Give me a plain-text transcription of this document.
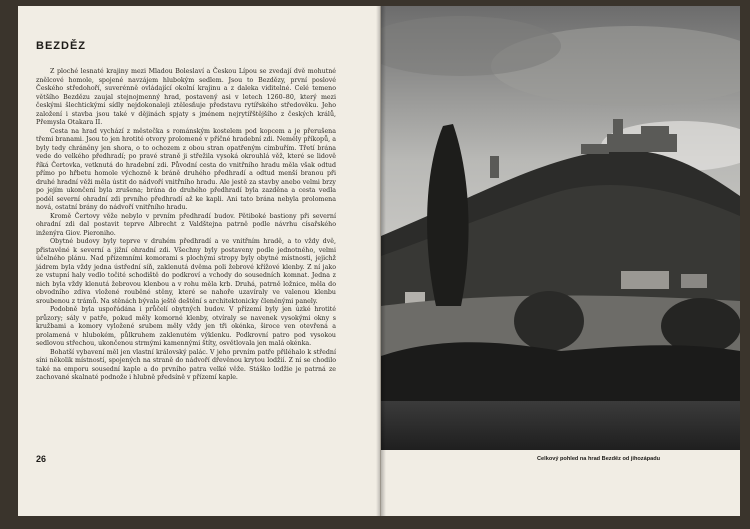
BEZDĚZ

Z ploché lesnaté krajiny mezi Mladou Boleslaví a Českou Lípou se zvedají dvě mohutné znělcové homole, spojené navzájem hlubokým sedlem. Jsou to Bezdězy, první poslové Českého středohoří, suverénně ovládající okolní krajinu a z daleka viditelné. Celé temeno většího Bezdězu zaujal stejnojmenný hrad, postavený asi v letech 1260–80, který mezi českými šlechtickými sídly nejdokonaleji ztělesňuje představu rytířského středověku. Jeho založení i stavba jsou také v dějinách spjaty s jménem nejrytířštějšího z českých králů, Přemysla Otakara II.

Cesta na hrad vychází z městečka s románským kostelem pod kopcem a je přerušena třemi branami. Jsou to jen hrotité otvory prolomené v příčné hradební zdi. Neměly příkopů, a byly tedy chráněny jen shora, o to ochozem z obou stran opatřeným cimbuřím. Třetí brána vede do velkého předhradí; po pravé straně ji střežila vysoká okrouhlá věž, které se lidově říká Čertovka, vetknutá do hradební zdi. Původní cesta do vnitřního hradu měla však odtud přímo po hřbetu homole výchozně k bráně druhého předhradí a odtud menší branou při druhé hradní věži měla ústit do nádvoří vnitřního hradu. Ale jestě za stavby anebo velmi brzy po jejím ukončení byla zrušena; brána do druhého předhradí byla zazděna a cesta vedla podél severní ohradní zdi prvního předhradí až ke kapli. Ani tato brána nebyla prolomena nová, ostatní brány do nádvoří vnitřního hradu.

Kromě Čertovy věže nebylo v prvním předhradí budov. Pětiboké bastiony při severní ohradní zdi dal postavit teprve Albrecht z Valdštejna patrně podle návrhu císařského inženýra Giov. Pieroniho.

Obytné budovy byly teprve v druhém předhradí a ve vnitřním hradě, a to vždy dvě, přistavěné k severní a jižní ohradní zdi. Všechny byly postaveny podle jednotného, velmi účelného plánu. Nad přízemními komorami s plochými stropy byly obytné místnosti, jejichž jádrem byla vždy jedna ústřední síň, zaklenutá dvěma poli žebrové křížové klenby. Z ní jako ze vstupní haly vedlo točité schodiště do podkroví a vchody do sousedních komnat. Jedna z nich byla vždy klenutá žebrovou klenbou a v rohu měla krb. Druhá, patrně ložnice, měla do obvodního zdiva vložené rouběné stěny, které se nahoře uzavíraly ve valenou klenbu sroubenou z trámů. Na stěnách bývala ještě deštění s architektonicky členěnými panely.

Podobně byla uspořádána i průčelí obytných budov. V přízemí byly jen úzké hrotité průzory; sály v patře, pokud měly komorné klenby, otvíraly se navenek vysokými okny s kružbami a komory vyložené srubem měly vždy jen tři okénka, široce ven otevřená a prolamená v hlubokém, půlkruhem zaklenutém výklenku. Podkrovní patro pod vysokou sedlovou střechou, ukončenou strmými kamennými štíty, osvětlovala jen malá okénka.

Bohatší vybavení měl jen vlastní královský palác. V jeho prvním patře přiléhalo k střední síni několik místností, spojených na straně do nádvoří dřevěnou krytou lodžií. Z ní se chodilo také na emporu sousední kaple a do prvního patra velké věže. Stáško lodžie je patrná ze zachované skalnaté podnože i hlubně předsíně v přízemí kaple.

26	Celkový pohled na hrad Bezděz od jihozápadu
